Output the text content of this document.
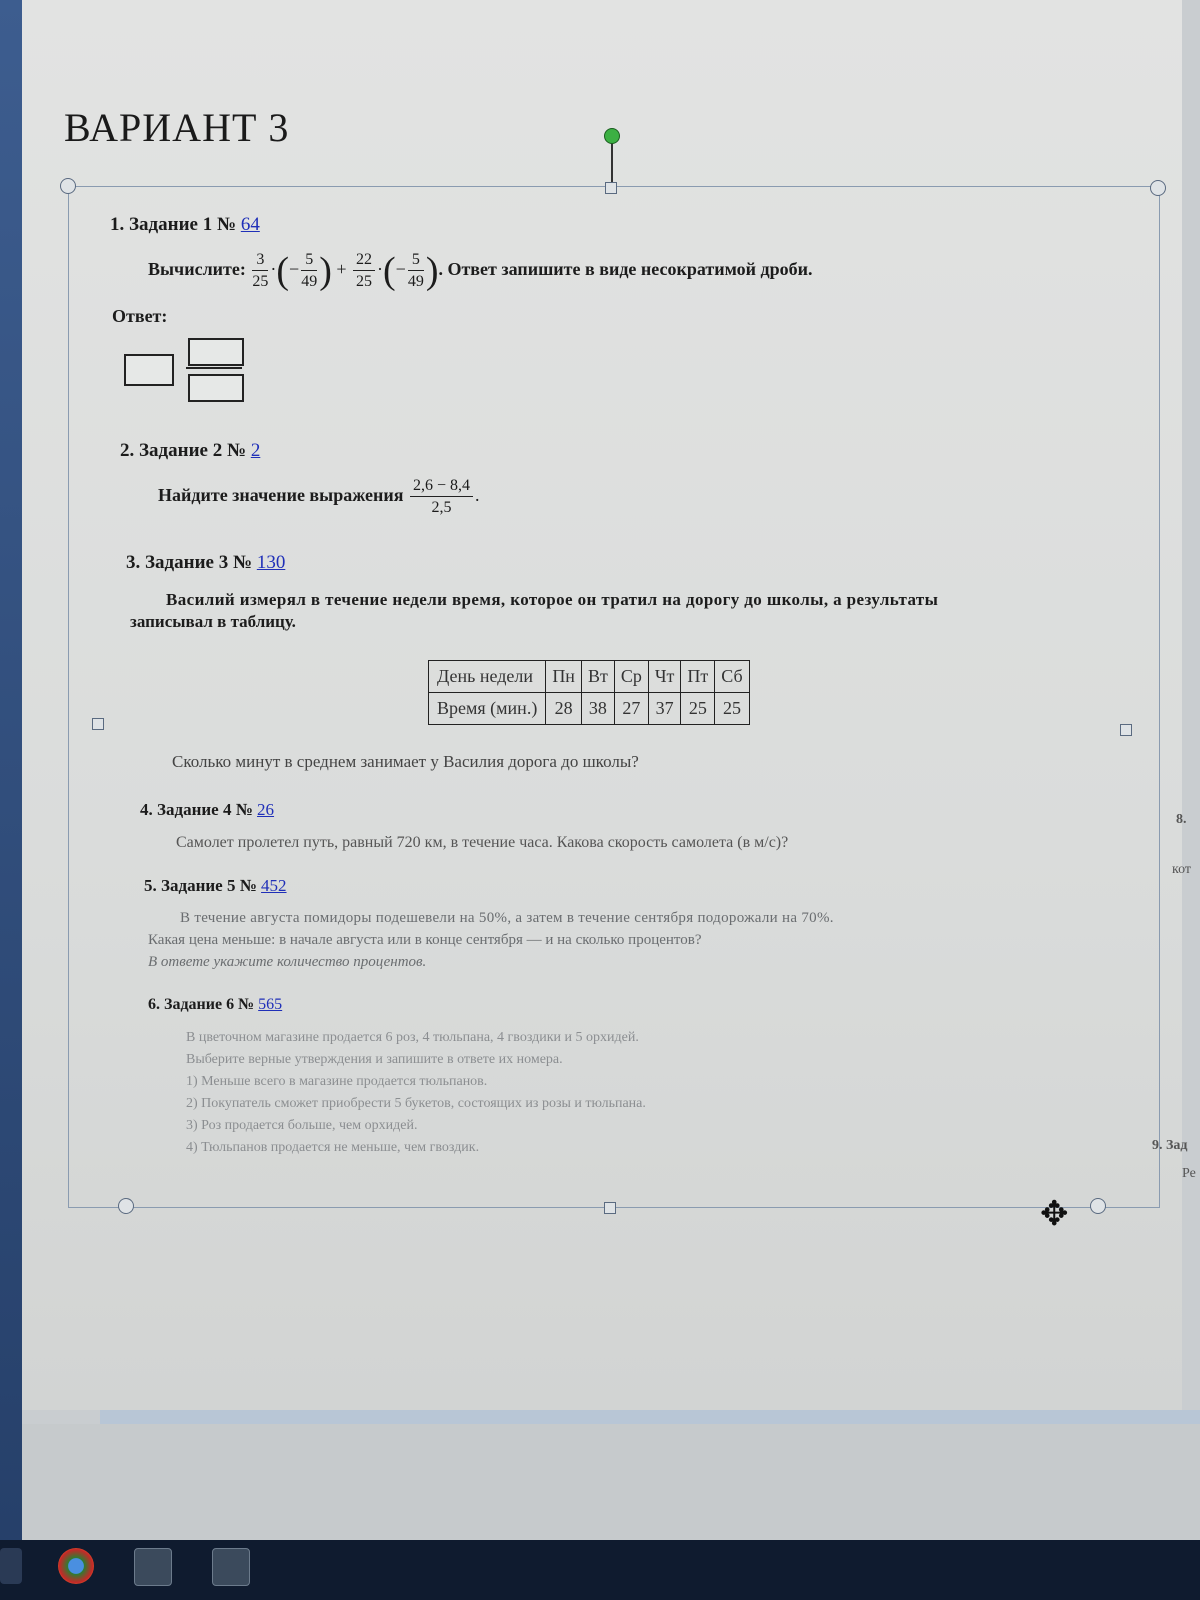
ВАРИАНТ 3
1. Задание 1 № 64
Вычислите: $\frac{3}{25}$ ·(− $\frac{5}{49}$ ) + $\frac{22}{25}$ ·(− $\frac{5}{49}$ ). Ответ запишите в виде несократимой дроби.
Ответ:
2. Задание 2 № 2
Найдите значение выражения $\frac{2,6 - 8,4}{2,5}$ .
3. Задание 3 № 130
Василий измерял в течение недели время, которое он тратил на дорогу до школы, а результаты
записывал в таблицу.
День недели	Пн	Вт	Ср	Чт	Пт	Сб
Время (мин.)	28	38	27	37	25	25
Сколько минут в среднем занимает у Василия дорога до школы?
4. Задание 4 № 26
Самолет пролетел путь, равный 720 км, в течение часа. Какова скорость самолета (в м/с)?
5. Задание 5 № 452
В течение августа помидоры подешевели на 50%, а затем в течение сентября подорожали на 70%.
Какая цена меньше: в начале августа или в конце сентября — и на сколько процентов?
В ответе укажите количество процентов.
6. Задание 6 № 565
В цветочном магазине продается 6 роз, 4 тюльпана, 4 гвоздики и 5 орхидей.
Выберите верные утверждения и запишите в ответе их номера.
1) Меньше всего в магазине продается тюльпанов.
2) Покупатель сможет приобрести 5 букетов, состоящих из розы и тюльпана.
3) Роз продается больше, чем орхидей.
4) Тюльпанов продается не меньше, чем гвоздик.
8.
кот
9. Зад
Ре
✥
